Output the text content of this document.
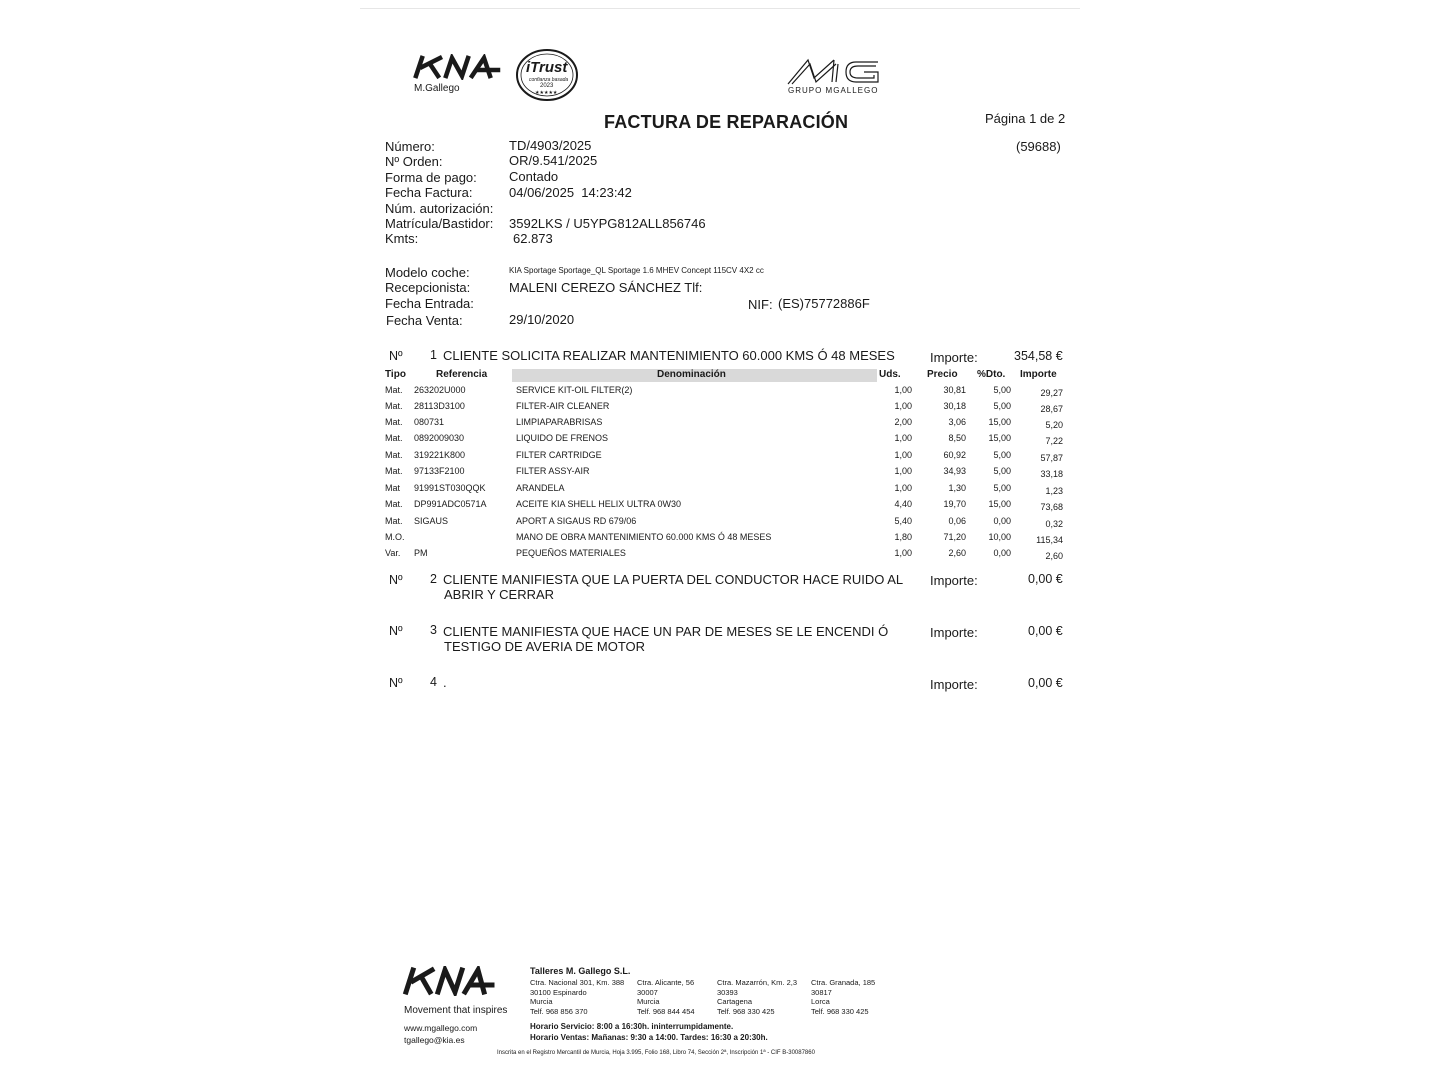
M.Gallego
iTrust
confianza basada
2023
★★★★★	GRUPO MGALLEGO
FACTURA DE REPARACIÓN	Página 1 de 2
(59688)
Número:	TD/4903/2025
Nº Orden:	OR/9.541/2025
Forma de pago: Contado
Fecha Factura:	04/06/2025  14:23:42
Núm. autorización:
Matrícula/Bastidor: 3592LKS / U5YPG812ALL856746
Kmts:	62.873
Modelo coche:	KIA Sportage Sportage_QL Sportage 1.6 MHEV Concept 115CV 4X2 cc
Recepcionista:	MALENI CEREZO SÁNCHEZ Tlf:
Fecha Entrada:	NIF: (ES)75772886F
Fecha Venta:	29/10/2020
Nº 1 CLIENTE SOLICITA REALIZAR MANTENIMIENTO 60.000 KMS Ó 48 MESES	Importe:	354,58 €
Tipo	Referencia	Denominación	Uds.	Precio %Dto. Importe
Mat. 263202U000	SERVICE KIT-OIL FILTER(2)	1,00	30,81	5,00	29,27
Mat. 28113D3100	FILTER-AIR CLEANER	1,00	30,18	5,00	28,67
Mat. 080731	LIMPIAPARABRISAS	2,00	3,06 15,00	5,20
Mat. 0892009030	LIQUIDO DE FRENOS	1,00	8,50 15,00	7,22
Mat. 319221K800	FILTER CARTRIDGE	1,00	60,92	5,00	57,87
Mat. 97133F2100	FILTER ASSY-AIR	1,00	34,93	5,00	33,18
Mat 91991ST030QQK	ARANDELA	1,00	1,30	5,00	1,23
Mat. DP991ADC0571A	ACEITE KIA SHELL HELIX ULTRA 0W30	4,40	19,70 15,00	73,68
Mat. SIGAUS	APORT A SIGAUS RD 679/06	5,40	0,06	0,00	0,32
M.O.	MANO DE OBRA MANTENIMIENTO 60.000 KMS Ó 48 MESES	1,80	71,20 10,00	115,34
Var. PM	PEQUEÑOS MATERIALES	1,00	2,60	0,00	2,60
Nº 2 CLIENTE MANIFIESTA QUE LA PUERTA DEL CONDUCTOR HACE RUIDO AL
ABRIR Y CERRAR
Importe:	0,00 €
Nº 3 CLIENTE MANIFIESTA QUE HACE UN PAR DE MESES SE LE ENCENDI Ó
TESTIGO DE AVERIA DE MOTOR
Importe:	0,00 €
Nº 4 .	Importe:	0,00 €
Movement that inspires
www.mgallego.com
tgallego@kia.es
Talleres M. Gallego S.L.
Ctra. Nacional 301, Km. 388
30100 Espinardo
Murcia
Telf. 968 856 370
Ctra. Alicante, 56
30007
Murcia
Telf. 968 844 454
Ctra. Mazarrón, Km. 2,3
30393
Cartagena
Telf. 968 330 425
Ctra. Granada, 185
30817
Lorca
Telf. 968 330 425
Horario Servicio: 8:00 a 16:30h. ininterrumpidamente.
Horario Ventas: Mañanas: 9:30 a 14:00. Tardes: 16:30 a 20:30h.
Inscrita en el Registro Mercantil de Murcia, Hoja 3.995, Folio 168, Libro 74, Sección 2ª, Inscripción 1ª - CIF B-30087860
